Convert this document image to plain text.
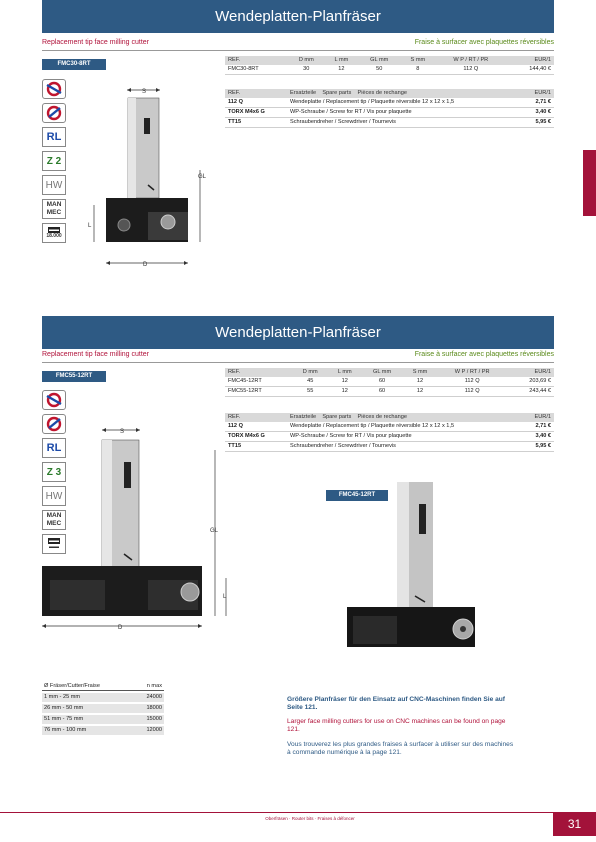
Wendeplatten-Planfräser
Replacement tip face milling cutter	Fraise à surfacer avec plaquettes réversibles
FMC30-8RT
RL
Z 2
HW
MAN
MEC
▬▬
18.000
GL
L
D
S
REF.	D mm	L mm	GL mm	S mm	W P / RT / PR	EUR/1
FMC30-8RT	30	12	50	8	112 Q	144,40 €
REF.	Ersatzteile Spare parts Pièces de rechange	EUR/1
112 Q	Wendeplatte / Replacement tip / Plaquette réversible 12 x 12 x 1,5	2,71 €
TORX M4x6 G	WP-Schraube / Screw for RT / Vis pour plaquette	3,40 €
TT15	Schraubendreher / Screwdriver / Tournevis	5,95 €
Wendeplatten-Planfräser
Replacement tip face milling cutter	Fraise à surfacer avec plaquettes réversibles
FMC55-12RT
RL
Z 3
HW
MAN
MEC
▬▬
▬▬
S
GL
L
D
REF.	D mm	L mm	GL mm	S mm	W P / RT / PR	EUR/1
FMC45-12RT	45	12	60	12	112 Q	203,69 €
FMC55-12RT	55	12	60	12	112 Q	243,44 €
REF.	Ersatzteile Spare parts Pièces de rechange	EUR/1
112 Q	Wendeplatte / Replacement tip / Plaquette réversible 12 x 12 x 1,5	2,71 €
TORX M4x6 G	WP-Schraube / Screw for RT / Vis pour plaquette	3,40 €
TT15	Schraubendreher / Screwdriver / Tournevis	5,95 €
FMC45-12RT
Ø Fräser/Cutter/Fraise	n max
1 mm - 25 mm	24000
26 mm - 50 mm	18000
51 mm - 75 mm	15000
76 mm - 100 mm	12000
Größere Planfräser für den Einsatz auf CNC-Maschinen finden Sie auf Seite 121.
Larger face milling cutters for use on CNC machines can be found on page 121.
Vous trouverez les plus grandes fraises à surfacer à utiliser sur des machines à commande numérique à la page 121.
Oberfräsen · Router bits · Fraises à défoncer	31
